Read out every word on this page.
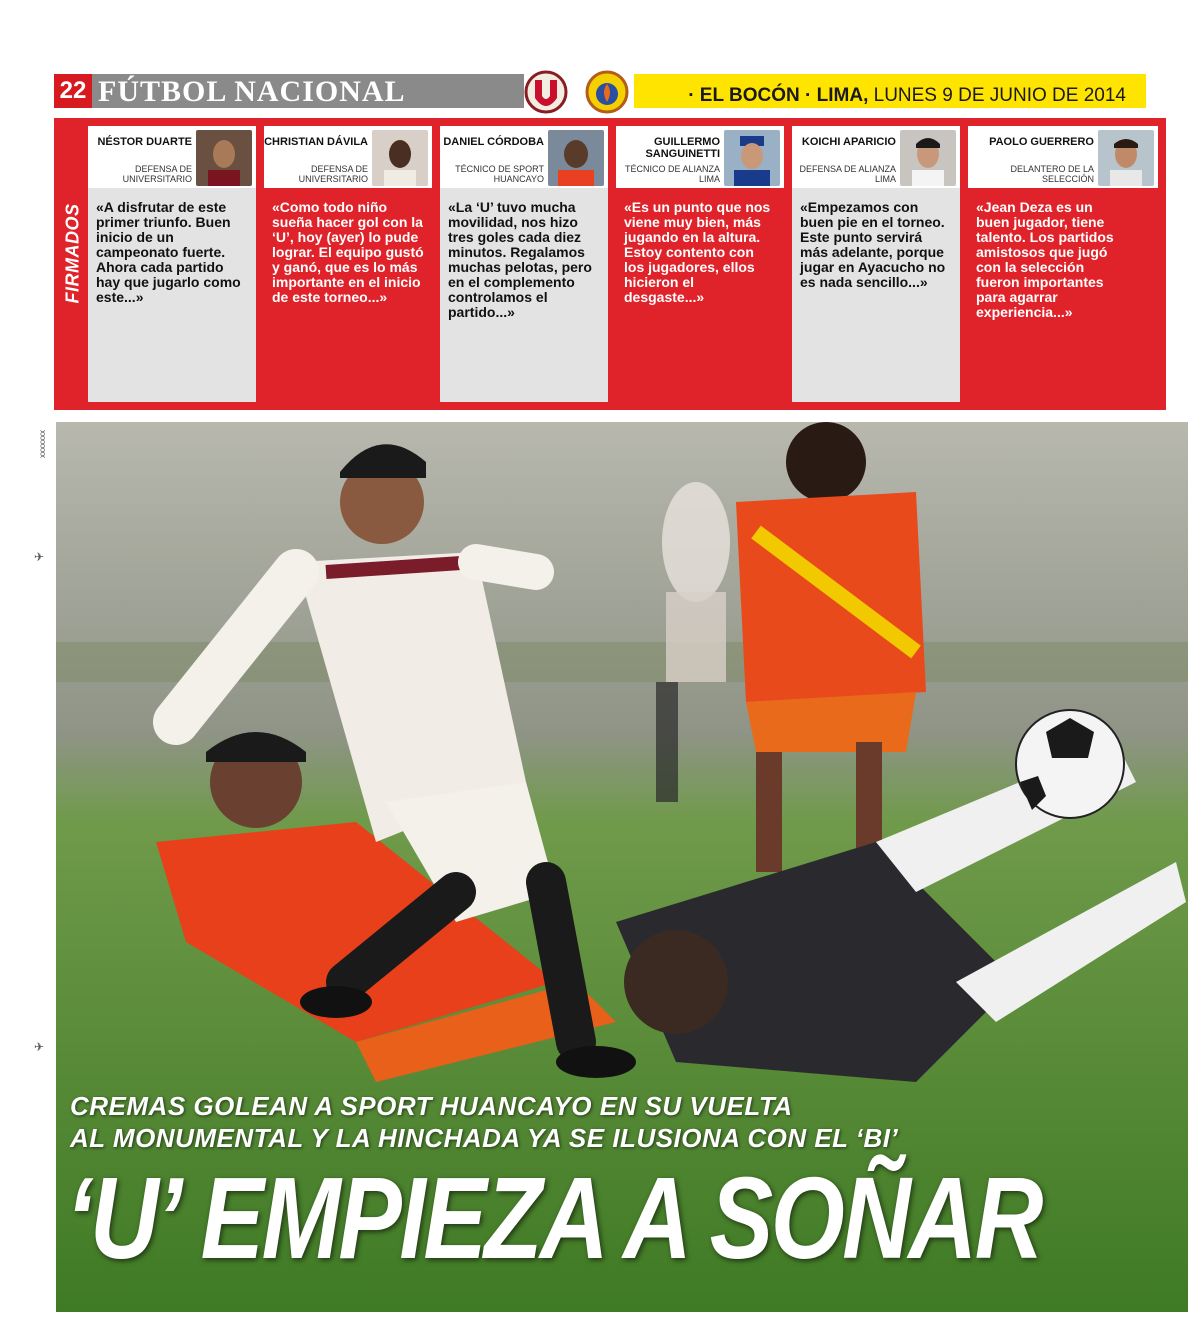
22 FÚTBOL NACIONAL	· EL BOCÓN · LIMA, LUNES 9 DE JUNIO DE 2014
FIRMADOS
NÉSTOR DUARTE
DEFENSA DE UNIVERSITARIO
«A disfrutar de este primer triunfo. Buen inicio de un campeonato fuerte. Ahora cada partido hay que jugarlo como este...»
CHRISTIAN DÁVILA
DEFENSA DE UNIVERSITARIO
«Como todo niño sueña hacer gol con la ‘U’, hoy (ayer) lo pude lograr. El equipo gustó y ganó, que es lo más importante en el inicio de este torneo...»
DANIEL CÓRDOBA
TÉCNICO DE SPORT HUANCAYO
«La ‘U’ tuvo mucha movilidad, nos hizo tres goles cada diez minutos. Regalamos muchas pelotas, pero en el complemento controlamos el partido...»
GUILLERMO SANGUINETTI
TÉCNICO DE ALIANZA LIMA
«Es un punto que nos viene muy bien, más jugando en la altura. Estoy contento con los jugadores, ellos hicieron el desgaste...»
KOICHI APARICIO
DEFENSA DE ALIANZA LIMA
«Empezamos con buen pie en el torneo. Este punto servirá más adelante, porque jugar en Ayacucho no es nada sencillo...»
PAOLO GUERRERO
DELANTERO DE LA SELECCIÓN
«Jean Deza es un buen jugador, tiene talento. Los partidos amistosos que jugó con la selección fueron importantes para agarrar experiencia...»
xxxxxxx
✈
✈
CREMAS GOLEAN A SPORT HUANCAYO EN SU VUELTA
AL MONUMENTAL Y LA HINCHADA YA SE ILUSIONA CON EL ‘BI’
‘U’ EMPIEZA A SOÑAR
